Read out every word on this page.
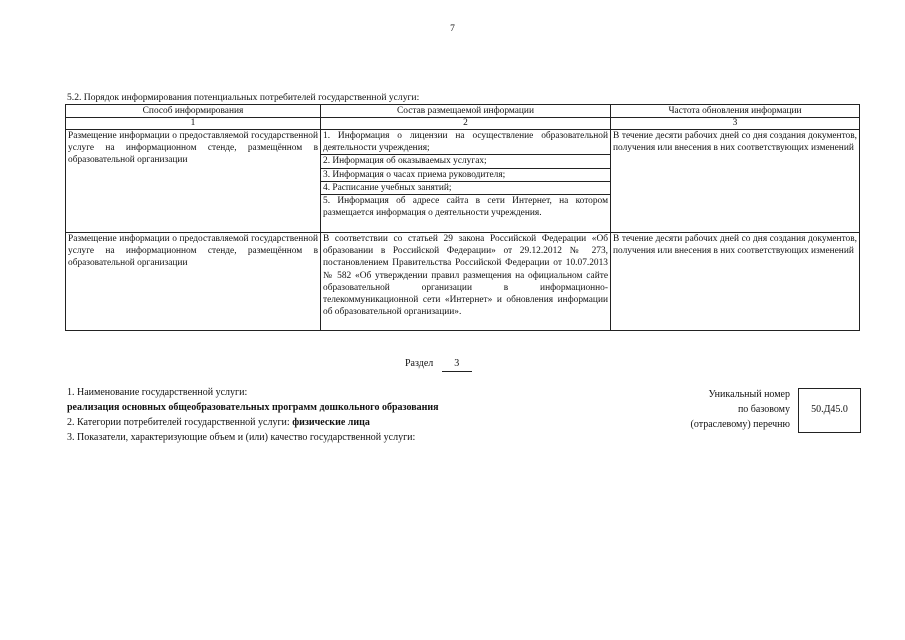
7
5.2. Порядок информирования потенциальных потребителей государственной услуги:
Способ информирования	Состав размещаемой информации	Частота обновления информации
1	2	3

Размещение информации о предоставляемой государственной услуге на информационном стенде, размещённом в образовательной организации	1. Информация о лицензии на осуществление образовательной деятельности учреждения;
2. Информация об оказываемых услугах;
3. Информация о часах приема руководителя;
4. Расписание учебных занятий;
5. Информация об адресе сайта в сети Интернет, на котором размещается информация о деятельности учреждения.	В течение десяти рабочих дней со дня создания документов, получения или внесения в них соответствующих изменений

Размещение информации о предоставляемой государственной услуге на информационном стенде, размещённом в образовательной организации	В соответствии со статьей 29 закона Российской Федерации «Об образовании в Российской Федерации» от 29.12.2012 № 273, постановлением Правительства Российской Федерации от 10.07.2013 № 582 «Об утверждении правил размещения на официальном сайте образовательной организации в информационно-телекоммуникационной сети «Интернет» и обновления информации об образовательной организации».	В течение десяти рабочих дней со дня создания документов, получения или внесения в них соответствующих изменений
Раздел 3
1. Наименование государственной услуги:
реализация основных общеобразовательных программ дошкольного образования
2. Категории потребителей государственной услуги: физические лица
3. Показатели, характеризующие объем и (или) качество государственной услуги:
Уникальный номер
по базовому
(отраслевому) перечню
50.Д45.0
